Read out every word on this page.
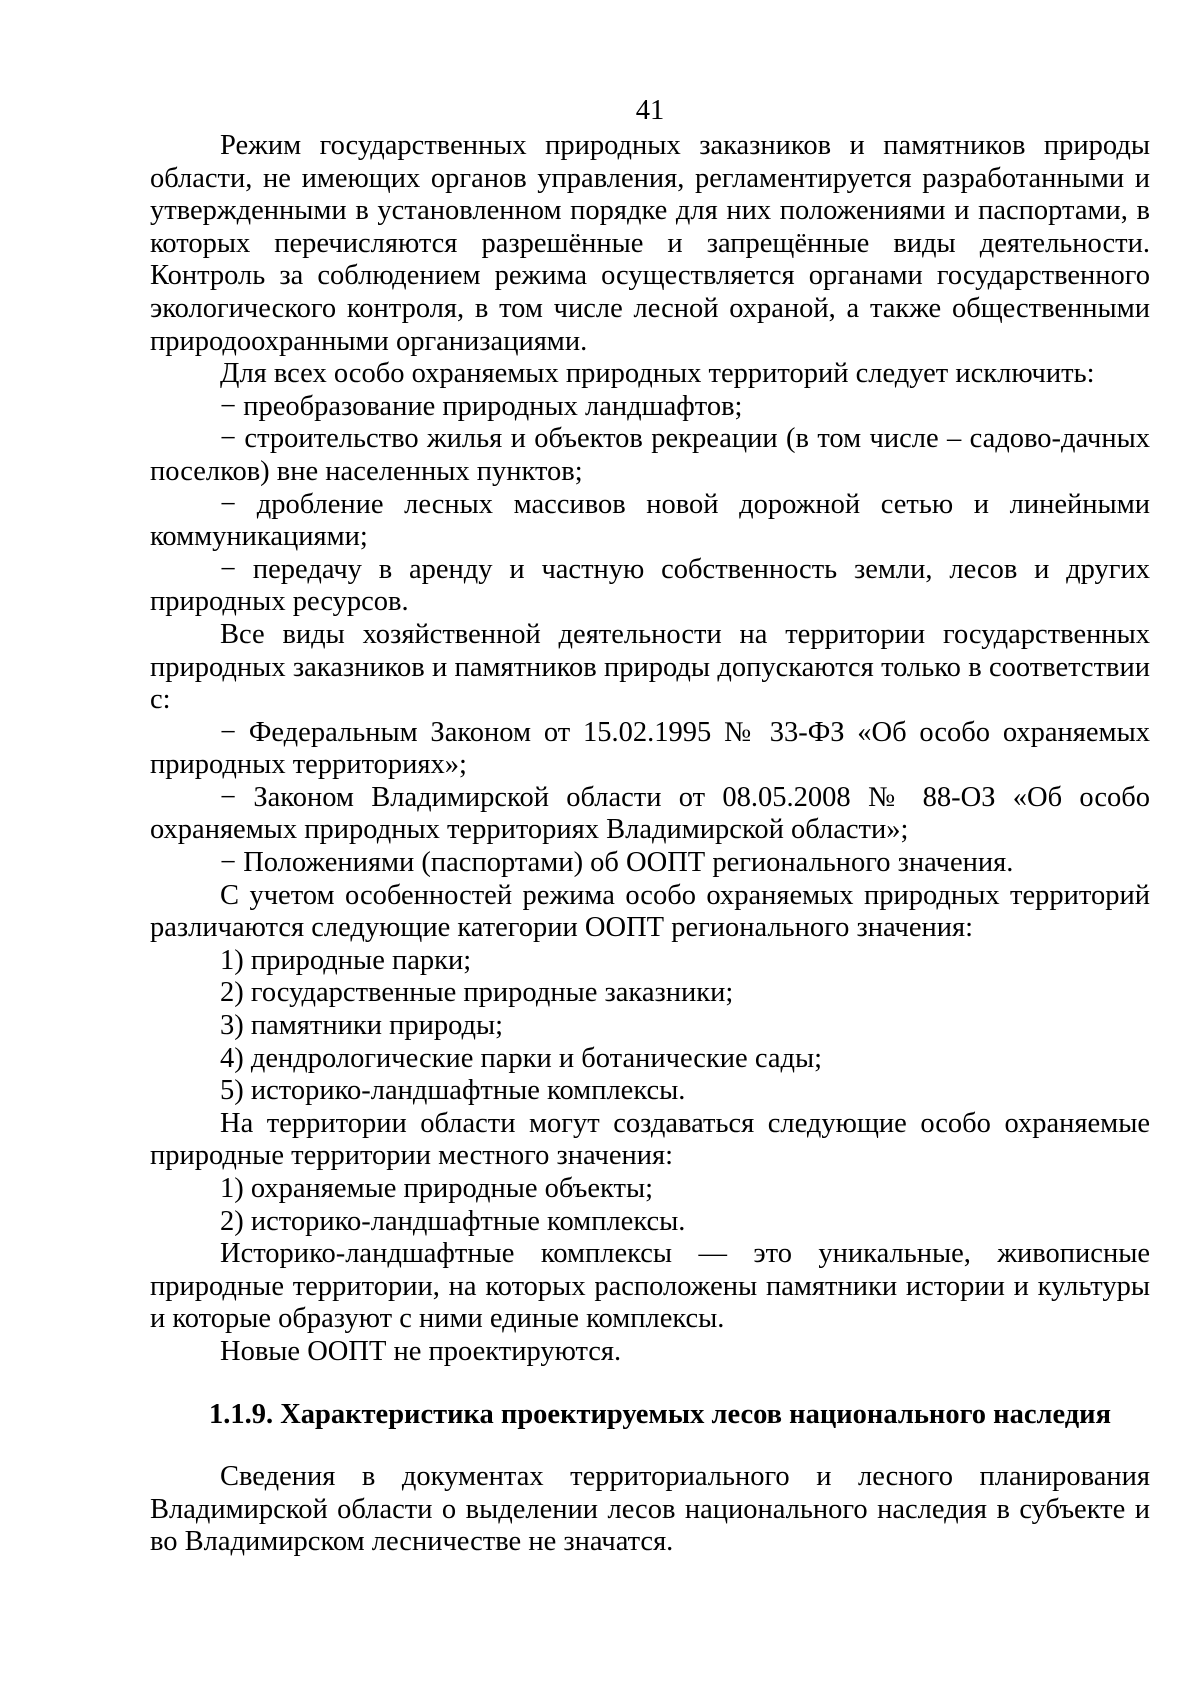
41

Режим государственных природных заказников и памятников природы области, не имеющих органов управления, регламентируется разработанными и утвержденными в установленном порядке для них положениями и паспортами, в которых перечисляются разрешённые и запрещённые виды деятельности. Контроль за соблюдением режима осуществляется органами государственного экологического контроля, в том числе лесной охраной, а также общественными природоохранными организациями.

Для всех особо охраняемых природных территорий следует исключить:

− преобразование природных ландшафтов;

− строительство жилья и объектов рекреации (в том числе – садово-дачных поселков) вне населенных пунктов;

− дробление лесных массивов новой дорожной сетью и линейными коммуникациями;

− передачу в аренду и частную собственность земли, лесов и других природных ресурсов.

Все виды хозяйственной деятельности на территории государственных природных заказников и памятников природы допускаются только в соответствии с:

− Федеральным Законом от 15.02.1995 № 33-ФЗ «Об особо охраняемых природных территориях»;

− Законом Владимирской области от 08.05.2008 № 88-ОЗ «Об особо охраняемых природных территориях Владимирской области»;

− Положениями (паспортами) об ООПТ регионального значения.

С учетом особенностей режима особо охраняемых природных территорий различаются следующие категории ООПТ регионального значения:

1) природные парки;

2) государственные природные заказники;

3) памятники природы;

4) дендрологические парки и ботанические сады;

5) историко-ландшафтные комплексы.

На территории области могут создаваться следующие особо охраняемые природные территории местного значения:

1) охраняемые природные объекты;

2) историко-ландшафтные комплексы.

Историко-ландшафтные комплексы — это уникальные, живописные природные территории, на которых расположены памятники истории и культуры и которые образуют с ними единые комплексы.

Новые ООПТ не проектируются.

1.1.9. Характеристика проектируемых лесов национального наследия

Сведения в документах территориального и лесного планирования Владимирской области о выделении лесов национального наследия в субъекте и во Владимирском лесничестве не значатся.
